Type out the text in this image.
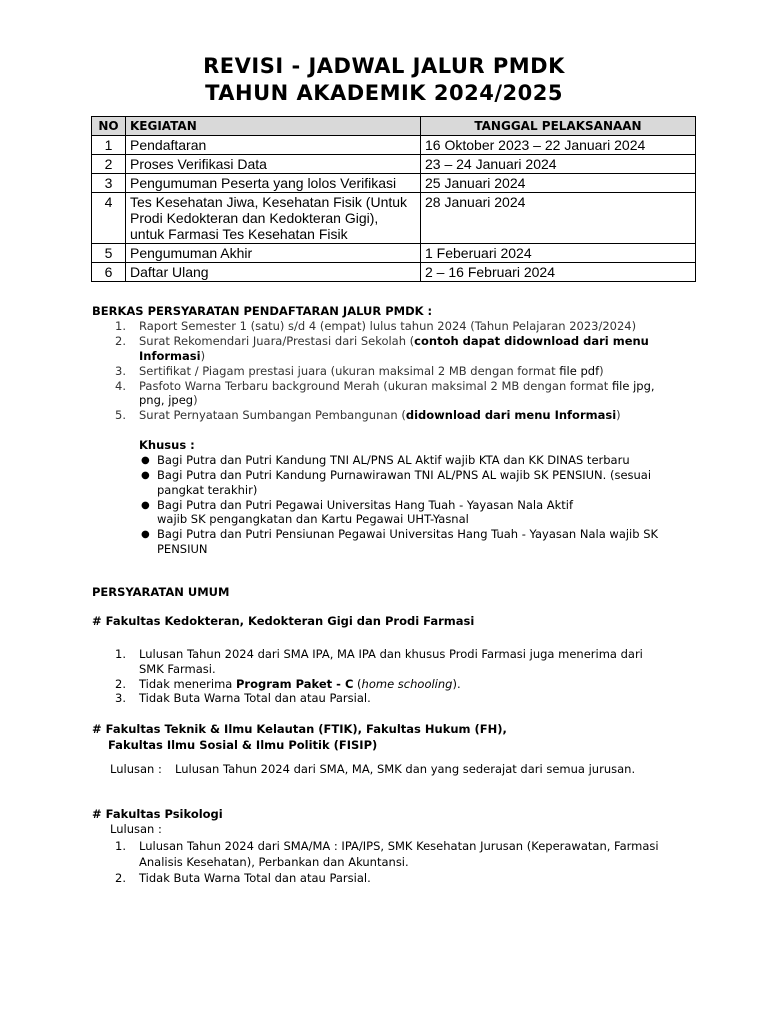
REVISI - JADWAL JALUR PMDK
TAHUN AKADEMIK 2024/2025
NO	KEGIATAN	TANGGAL PELAKSANAAN
1	Pendaftaran	16 Oktober 2023 – 22 Januari 2024
2	Proses Verifikasi Data	23 – 24 Januari 2024
3	Pengumuman Peserta yang lolos Verifikasi	25 Januari 2024
4	Tes Kesehatan Jiwa, Kesehatan Fisik (Untuk
Prodi Kedokteran dan Kedokteran Gigi),
untuk Farmasi Tes Kesehatan Fisik	28 Januari 2024
5	Pengumuman Akhir	1 Feberuari 2024
6	Daftar Ulang	2 – 16 Februari 2024
BERKAS PERSYARATAN PENDAFTARAN JALUR PMDK :
1. Raport Semester 1 (satu) s/d 4 (empat) lulus tahun 2024 (Tahun Pelajaran 2023/2024)
2. Surat Rekomendari Juara/Prestasi dari Sekolah (contoh dapat didownload dari menu
Informasi)
3. Sertifikat / Piagam prestasi juara (ukuran maksimal 2 MB dengan format file pdf)
4. Pasfoto Warna Terbaru background Merah (ukuran maksimal 2 MB dengan format file jpg,
png, jpeg)
5. Surat Pernyataan Sumbangan Pembangunan (didownload dari menu Informasi)
Khusus :
● Bagi Putra dan Putri Kandung TNI AL/PNS AL Aktif wajib KTA dan KK DINAS terbaru
● Bagi Putra dan Putri Kandung Purnawirawan TNI AL/PNS AL wajib SK PENSIUN. (sesuai
pangkat terakhir)
● Bagi Putra dan Putri Pegawai Universitas Hang Tuah - Yayasan Nala Aktif
wajib SK pengangkatan dan Kartu Pegawai UHT-Yasnal
● Bagi Putra dan Putri Pensiunan Pegawai Universitas Hang Tuah - Yayasan Nala wajib SK
PENSIUN
PERSYARATAN UMUM
# Fakultas Kedokteran, Kedokteran Gigi dan Prodi Farmasi
1. Lulusan Tahun 2024 dari SMA IPA, MA IPA dan khusus Prodi Farmasi juga menerima dari
SMK Farmasi.
2. Tidak menerima Program Paket - C (home schooling).
3. Tidak Buta Warna Total dan atau Parsial.
# Fakultas Teknik & Ilmu Kelautan (FTIK), Fakultas Hukum (FH),
Fakultas Ilmu Sosial & Ilmu Politik (FISIP)
Lulusan : Lulusan Tahun 2024 dari SMA, MA, SMK dan yang sederajat dari semua jurusan.
# Fakultas Psikologi
Lulusan :
1. Lulusan Tahun 2024 dari SMA/MA : IPA/IPS, SMK Kesehatan Jurusan (Keperawatan, Farmasi
Analisis Kesehatan), Perbankan dan Akuntansi.
2. Tidak Buta Warna Total dan atau Parsial.
